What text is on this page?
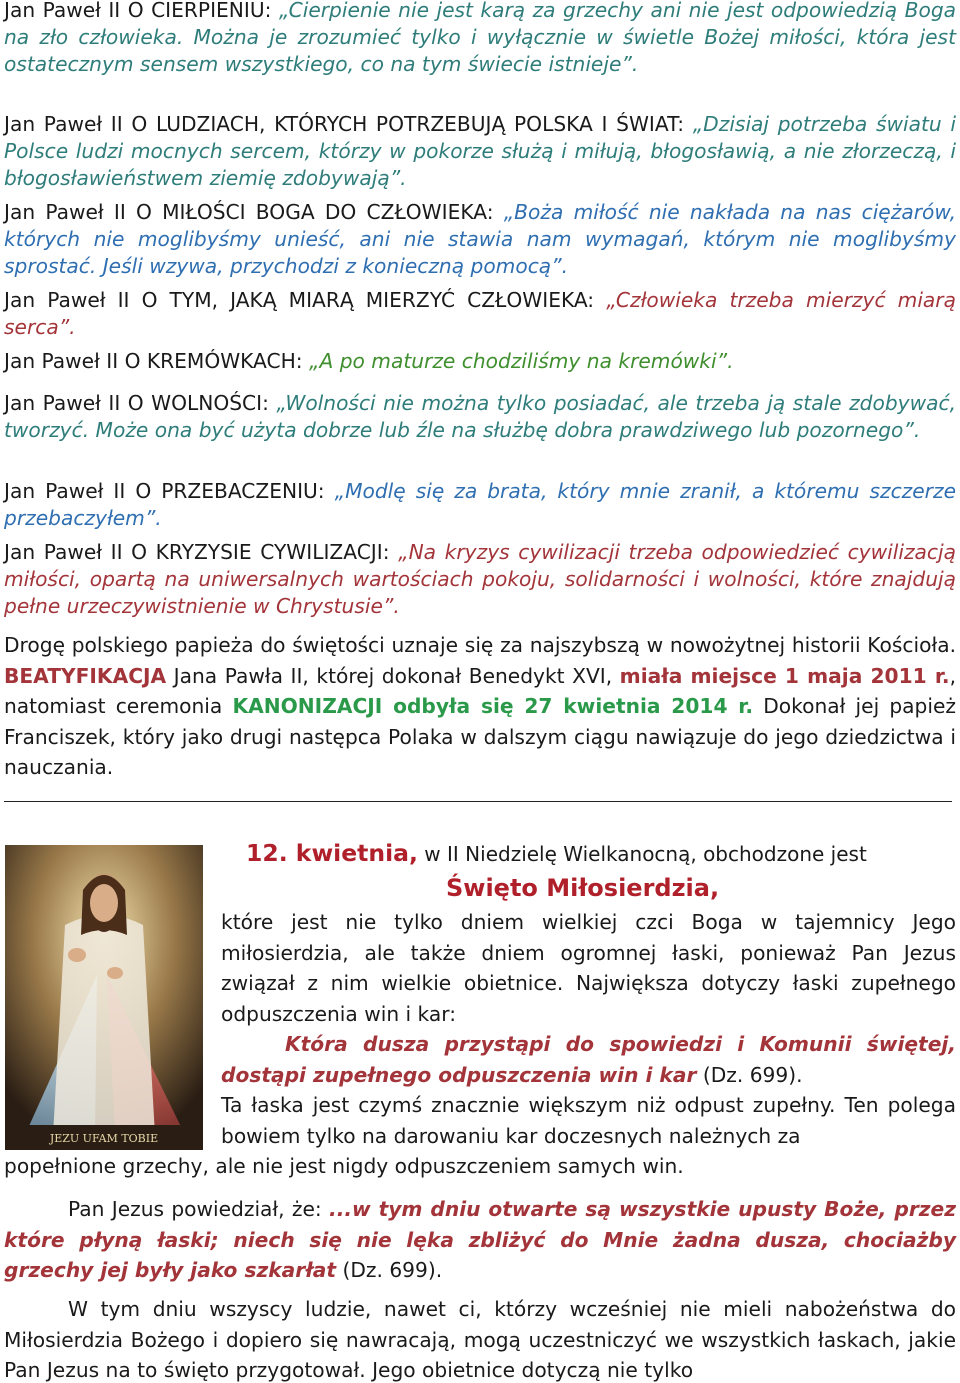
Jan Paweł II O CIERPIENIU: „Cierpienie nie jest karą za grzechy ani nie jest odpowiedzią Boga na zło człowieka. Można je zrozumieć tylko i wyłącznie w świetle Bożej miłości, która jest ostatecznym sensem wszystkiego, co na tym świecie istnieje”.

Jan Paweł II O LUDZIACH, KTÓRYCH POTRZEBUJĄ POLSKA I ŚWIAT: „Dzisiaj potrzeba światu i Polsce ludzi mocnych sercem, którzy w pokorze służą i miłują, błogosławią, a nie złorzeczą, i błogosławieństwem ziemię zdobywają”.

Jan Paweł II O MIŁOŚCI BOGA DO CZŁOWIEKA: „Boża miłość nie nakłada na nas ciężarów, których nie moglibyśmy unieść, ani nie stawia nam wymagań, którym nie moglibyśmy sprostać. Jeśli wzywa, przychodzi z konieczną pomocą”.

Jan Paweł II O TYM, JAKĄ MIARĄ MIERZYĆ CZŁOWIEKA: „Człowieka trzeba mierzyć miarą serca”.

Jan Paweł II O KREMÓWKACH: „A po maturze chodziliśmy na kremówki”.

Jan Paweł II O WOLNOŚCI: „Wolności nie można tylko posiadać, ale trzeba ją stale zdobywać, tworzyć. Może ona być użyta dobrze lub źle na służbę dobra prawdziwego lub pozornego”.

Jan Paweł II O PRZEBACZENIU: „Modlę się za brata, który mnie zranił, a któremu szczerze przebaczyłem”.

Jan Paweł II O KRYZYSIE CYWILIZACJI: „Na kryzys cywilizacji trzeba odpowiedzieć cywilizacją miłości, opartą na uniwersalnych wartościach pokoju, solidarności i wolności, które znajdują pełne urzeczywistnienie w Chrystusie”.

Drogę polskiego papieża do świętości uznaje się za najszybszą w nowożytnej historii Kościoła. BEATYFIKACJA Jana Pawła II, której dokonał Benedykt XVI, miała miejsce 1 maja 2011 r., natomiast ceremonia KANONIZACJI odbyła się 27 kwietnia 2014 r. Dokonał jej papież Franciszek, który jako drugi następca Polaka w dalszym ciągu nawiązuje do jego dziedzictwa i nauczania.

JEZU UFAM TOBIE

12. kwietnia, w II Niedzielę Wielkanocną, obchodzone jest

Święto Miłosierdzia,

które jest nie tylko dniem wielkiej czci Boga w tajemnicy Jego miłosierdzia, ale także dniem ogromnej łaski, ponieważ Pan Jezus związał z nim wielkie obietnice. Największa dotyczy łaski zupełnego odpuszczenia win i kar:

Która dusza przystąpi do spowiedzi i Komunii świętej, dostąpi zupełnego odpuszczenia win i kar (Dz. 699).

Ta łaska jest czymś znacznie większym niż odpust zupełny. Ten polega bowiem tylko na darowaniu kar doczesnych należnych za

popełnione grzechy, ale nie jest nigdy odpuszczeniem samych win.

Pan Jezus powiedział, że: ...w tym dniu otwarte są wszystkie upusty Boże, przez które płyną łaski; niech się nie lęka zbliżyć do Mnie żadna dusza, chociażby grzechy jej były jako szkarłat (Dz. 699).

W tym dniu wszyscy ludzie, nawet ci, którzy wcześniej nie mieli nabożeństwa do Miłosierdzia Bożego i dopiero się nawracają, mogą uczestniczyć we wszystkich łaskach, jakie Pan Jezus na to święto przygotował. Jego obietnice dotyczą nie tylko
